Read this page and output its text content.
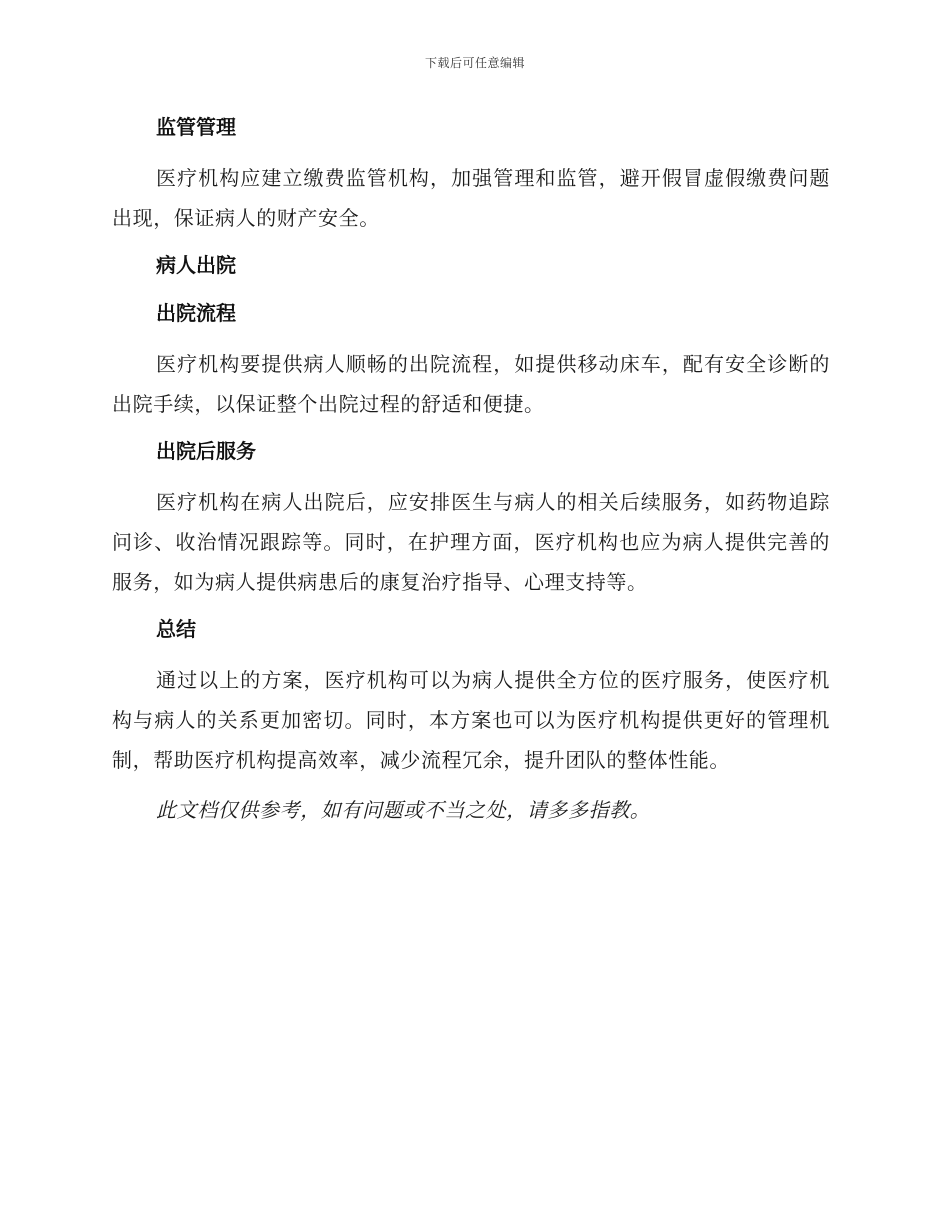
下载后可任意编辑
监管管理

医疗机构应建立缴费监管机构，加强管理和监管，避开假冒虚假缴费问题出现，保证病人的财产安全。

病人出院
出院流程

医疗机构要提供病人顺畅的出院流程，如提供移动床车，配有安全诊断的出院手续，以保证整个出院过程的舒适和便捷。

出院后服务

医疗机构在病人出院后，应安排医生与病人的相关后续服务，如药物追踪问诊、收治情况跟踪等。同时，在护理方面，医疗机构也应为病人提供完善的服务，如为病人提供病患后的康复治疗指导、心理支持等。

总结

通过以上的方案，医疗机构可以为病人提供全方位的医疗服务，使医疗机构与病人的关系更加密切。同时，本方案也可以为医疗机构提供更好的管理机制，帮助医疗机构提高效率，减少流程冗余，提升团队的整体性能。

此文档仅供参考，如有问题或不当之处，请多多指教。
